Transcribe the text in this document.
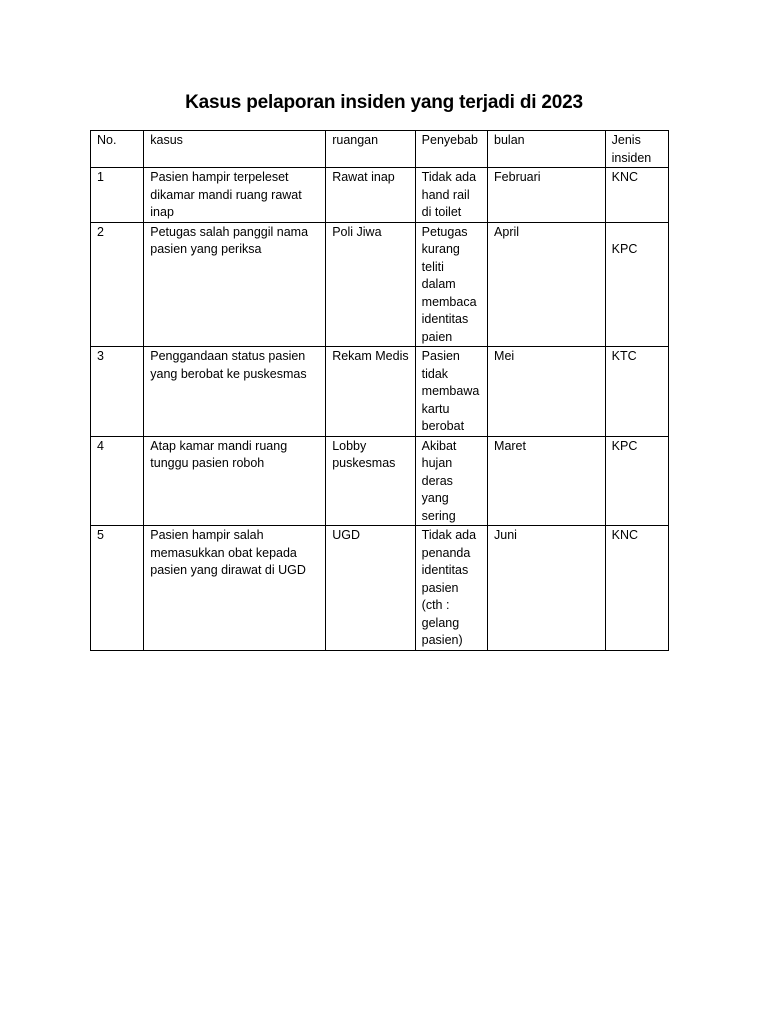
Kasus pelaporan insiden yang terjadi di 2023
No.	kasus	ruangan	Penyebab	bulan	Jenis insiden
1	Pasien hampir terpeleset dikamar mandi ruang rawat inap	Rawat inap	Tidak ada hand rail di toilet	Februari	KNC
2	Petugas salah panggil nama pasien yang periksa	Poli Jiwa	Petugas kurang teliti dalam membaca identitas paien	April	KPC

3	Penggandaan status pasien yang berobat ke puskesmas	Rekam Medis	Pasien tidak membawa kartu berobat	Mei	KTC
4	Atap kamar mandi ruang tunggu pasien roboh	Lobby puskesmas	Akibat hujan deras yang sering	Maret	KPC
5	Pasien hampir salah memasukkan obat kepada pasien yang dirawat di UGD	UGD	Tidak ada penanda identitas pasien (cth : gelang pasien)	Juni	KNC
